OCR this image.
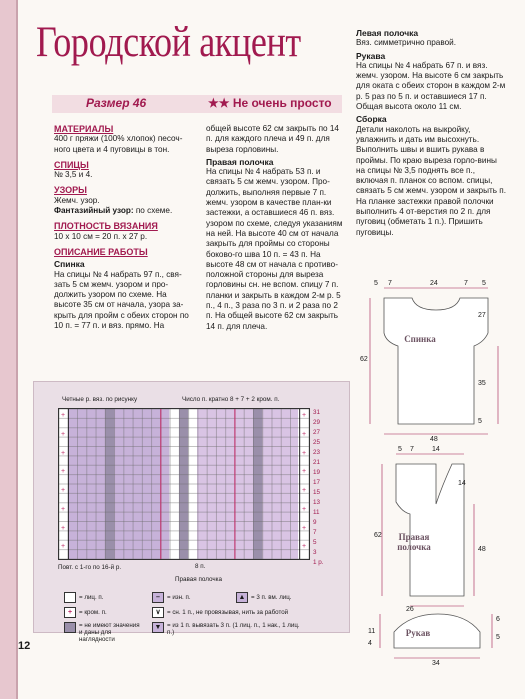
Городской акцент
Размер 46	★★ Не очень просто

МАТЕРИАЛЫ

400 г пряжи (100% хлопок) песоч-ного цвета и 4 пуговицы в тон.

СПИЦЫ

№ 3,5 и 4.

УЗОРЫ

Жемч. узор.

Фантазийный узор: по схеме.

ПЛОТНОСТЬ ВЯЗАНИЯ

10 х 10 см = 20 п. х 27 р.

ОПИСАНИЕ РАБОТЫ

Спинка

На спицы № 4 набрать 97 п., свя-зать 5 см жемч. узором и про-должить узором по схеме. На высоте 35 см от начала, узора за-крыть для пройм с обеих сторон по 10 п. = 77 п. и вяз. прямо. На

общей высоте 62 см закрыть по 14 п. для каждого плеча и 49 п. для выреза горловины.

Правая полочка

На спицы № 4 набрать 53 п. и связать 5 см жемч. узором. Про-должить, выполняя первые 7 п. жемч. узором в качестве план-ки застежки, а оставшиеся 46 п. вяз. узором по схеме, следуя указаниям на ней. На высоте 40 см от начала закрыть для проймы со стороны боково-го шва 10 п. = 43 п. На высоте 48 см от начала с противо-положной стороны для выреза горловины сн. не вспом. спицу 7 п. планки и закрыть в каждом 2-м р. 5 п., 4 п., 3 раза по 3 п. и 2 раза по 2 п. На общей высоте 62 см закрыть 14 п. для плеча.

Левая полочка

Вяз. симметрично правой.

Рукава

На спицы № 4 набрать 67 п. и вяз. жемч. узором. На высоте 6 см закрыть для оката с обеих сторон в каждом 2-м р. 5 раз по 5 п. и оставшиеся 17 п. Общая высота около 11 см.

Сборка

Детали наколоть на выкройку, увлажнить и дать им высохнуть. Выполнить швы и вшить рукава в проймы. По краю выреза горло-вины на спицы № 3,5 поднять все п., включая п. планок со вспом. спицы, связать 5 см жемч. узором и закрыть п. На планке застежки правой полочки выполнить 4 от-верстия по 2 п. для пуговиц (обметать 1 п.). Пришить пуговицы.

Четные р. вяз. по рисунку	Число п. кратно 8 + 7 + 2 кром. п.
+
+
+
+
+
+
+
+
+
+
+
+
+
+
+
+
31
29
27
25
23
21
19
17
15
13
11
9
7
5
3
1 р.
Повт. с 1-го по 16-й р.	8 п.
Правая полочка
= лиц. п.	–	= изн. п.	▲ = 3 п. вм. лиц.
+	= кром. п.	∨	= сн. 1 п., не провязывая, нить за работой
= не имеют значения и даны для наглядности
▼ = из 1 п. вывязать 3 п. (1 лиц. п., 1 нак., 1 лиц. п.)
Спинка
Правая полочка
Рукав
5 7	24	7 5
62
27
35
5
48
5 7	14
62
14
48
26
11
4
6
5
34
12
